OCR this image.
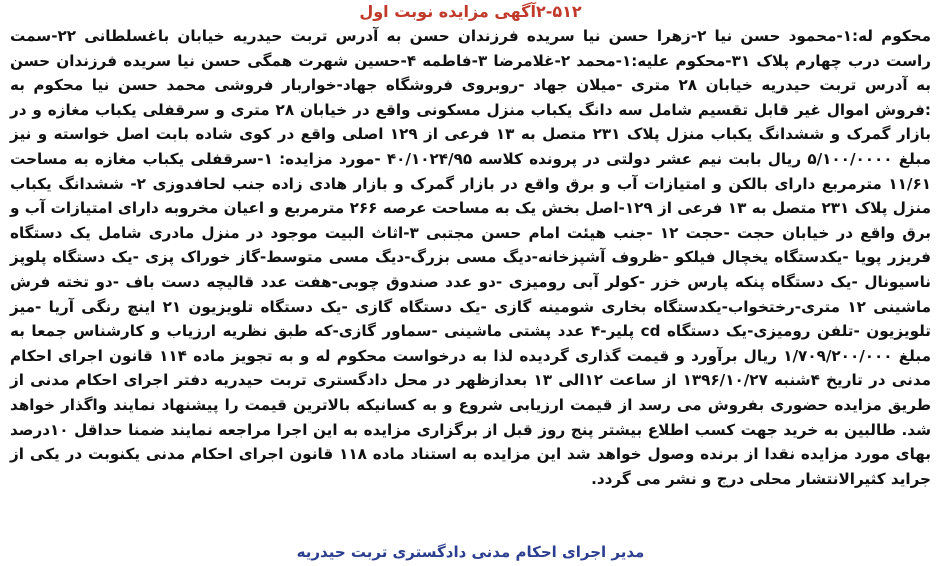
۲-۵۱۲آگهی مزایده نوبت اول
محکوم له:۱-محمود حسن نیا ۲-زهرا حسن نیا سریده فرزندان حسن به آدرس تربت حیدریه خیابان باغسلطانی ۲۲-سمت راست درب چهارم پلاک ۳۱-محکوم علیه:۱-محمد ۲-غلامرضا ۳-فاطمه ۴-حسین شهرت همگی حسن نیا سریده فرزندان حسن به آدرس تربت حیدریه خیابان ۲۸ متری -میلان جهاد -روبروی فروشگاه جهاد-خواربار فروشی محمد حسن نیا محکوم به :فروش اموال غیر قابل تقسیم شامل سه دانگ یکباب منزل مسکونی واقع در خیابان ۲۸ متری و سرقفلی یکباب مغازه و در بازار گمرک و ششدانگ یکباب منزل پلاک ۲۳۱ متصل به ۱۳ فرعی از ۱۲۹ اصلی واقع در کوی شاده بابت اصل خواسته و نیز مبلغ ۵/۱۰۰/۰۰۰۰ ریال بابت نیم عشر دولتی در پرونده کلاسه ۴۰/۱۰۲۴/۹۵ -مورد مزایده: ۱-سرقفلی یکباب مغازه به مساحت ۱۱/۶۱ مترمربع دارای بالکن و امتیازات آب و برق واقع در بازار گمرک و بازار هادی زاده جنب لحافدوزی ۲- ششدانگ یکباب منزل پلاک ۲۳۱ متصل به ۱۳ فرعی از ۱۲۹-اصل بخش یک به مساحت عرصه ۲۶۶ مترمربع و اعیان مخروبه دارای امتیازات آب و برق واقع در خیابان حجت -حجت ۱۲ -جنب هیئت امام حسن مجتبی ۳-اثاث البیت موجود در منزل مادری شامل یک دستگاه فریزر پویا -یکدستگاه یخچال فیلکو -ظروف آشپزخانه-دیگ مسی بزرگ-دیگ مسی متوسط-گاز خوراک پزی -یک دستگاه پلوپز ناسیونال -یک دستگاه پنکه پارس خزر -کولر آبی رومیزی -دو عدد صندوق چوبی-هفت عدد قالیچه دست باف -دو تخته فرش ماشینی ۱۲ متری-رختخواب-یکدستگاه بخاری شومینه گازی -یک دستگاه گازی -یک دستگاه تلویزیون ۲۱ اینچ رنگی آریا -میز تلویزیون -تلفن رومیزی-یک دستگاه cd پلیر-۴ عدد پشتی ماشینی -سماور گازی-که طبق نظریه ارزیاب و کارشناس جمعا به مبلغ ۱/۷۰۹/۲۰۰/۰۰۰ ریال برآورد و قیمت گذاری گردیده لذا به درخواست محکوم له و به تجویز ماده ۱۱۴ قانون اجرای احکام مدنی در تاریخ ۴شنبه ۱۳۹۶/۱۰/۲۷ از ساعت ۱۲الی ۱۳ بعدازظهر در محل دادگستری تربت حیدریه دفتر اجرای احکام مدنی از طریق مزایده حضوری بفروش می رسد از قیمت ارزیابی شروع و به کسانیکه بالاترین قیمت را پیشنهاد نمایند واگذار خواهد شد. طالبین به خرید جهت کسب اطلاع بیشتر پنج روز قبل از برگزاری مزایده به این اجرا مراجعه نمایند ضمنا حداقل ۱۰درصد بهای مورد مزایده نقدا از برنده وصول خواهد شد این مزایده به استناد ماده ۱۱۸ قانون اجرای احکام مدنی یکنوبت در یکی از جراید کثیرالانتشار محلی درج و نشر می گردد.
مدیر اجرای احکام مدنی دادگستری تربت حیدریه
